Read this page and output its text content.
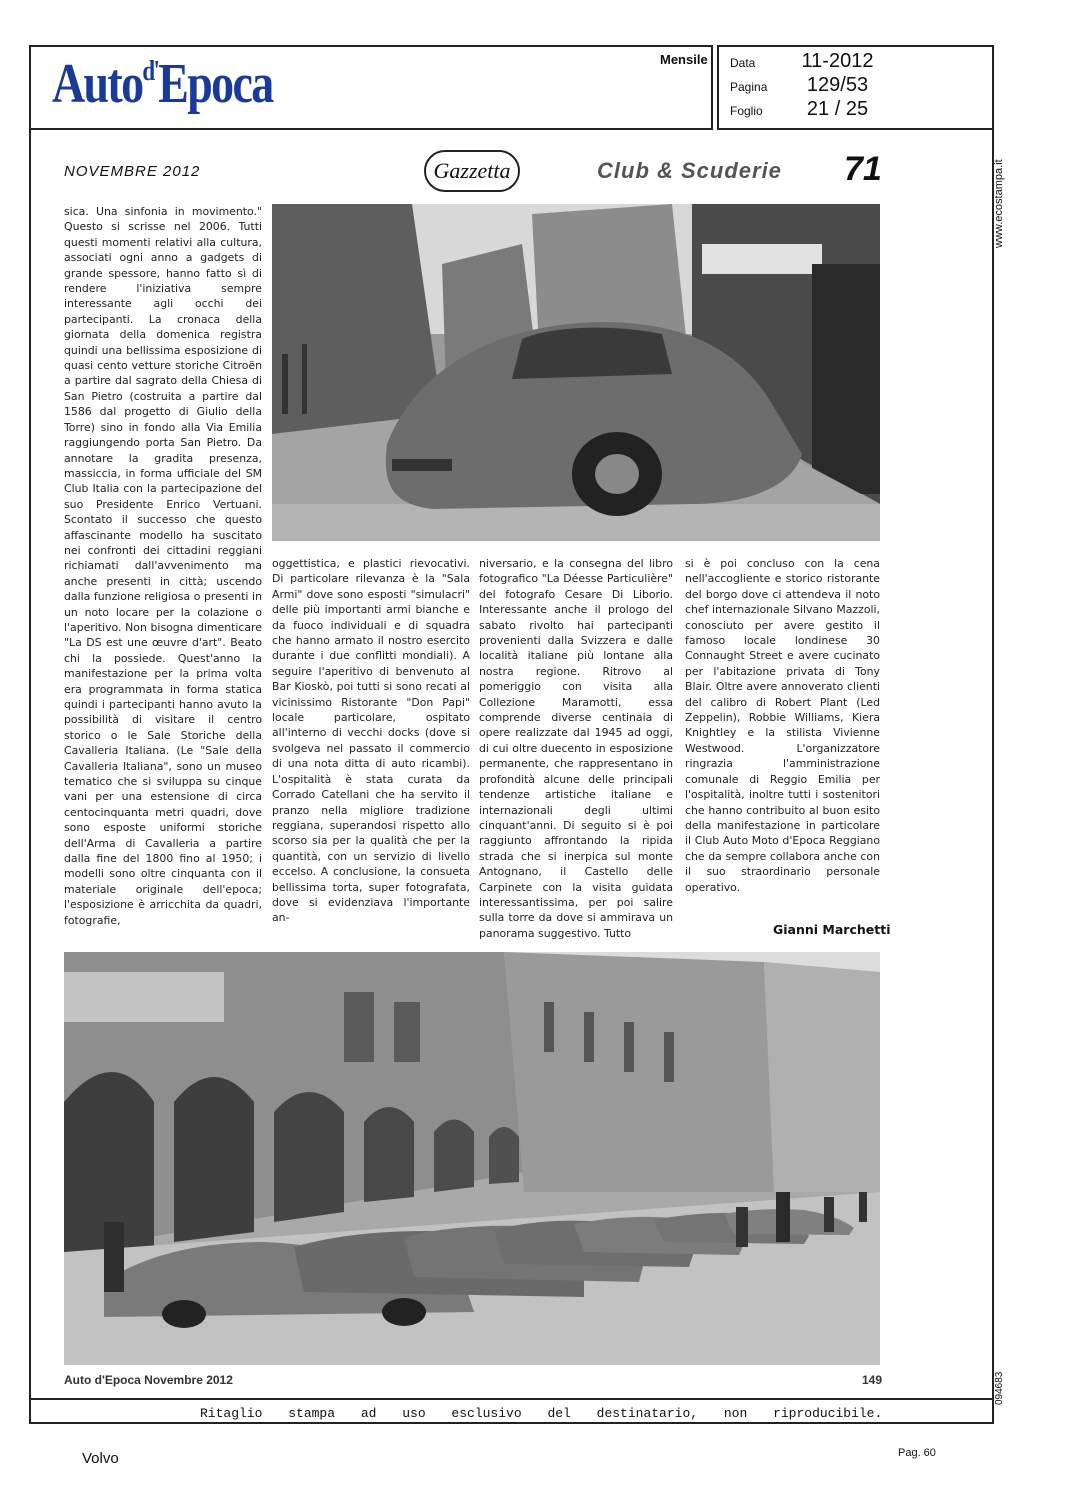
Auto$^{d'}$Epoca	Mensile Data	11-2012
Pagina	129/53
Foglio	21 / 25
www.ecostampa.it
094683
NOVEMBRE 2012	Gazzetta	Club & Scuderie 71
sica. Una sinfonia in movimento." Questo si scrisse nel 2006. Tutti questi momenti relativi alla cultura, associati ogni anno a gadgets di grande spessore, hanno fatto sì di rendere l'iniziativa sempre interessante agli occhi dei partecipanti. La cronaca della giornata della domenica registra quindi una bellissima esposizione di quasi cento vetture storiche Citroën a partire dal sagrato della Chiesa di San Pietro (costruita a partire dal 1586 dal progetto di Giulio della Torre) sino in fondo alla Via Emilia raggiungendo porta San Pietro. Da annotare la gradita presenza, massiccia, in forma ufficiale del SM Club Italia con la partecipazione del suo Presidente Enrico Vertuani. Scontato il successo che questo affascinante modello ha suscitato nei confronti dei cittadini reggiani richiamati dall'avvenimento ma anche presenti in città; uscendo dalla funzione religiosa o presenti in un noto locare per la colazione o l'aperitivo. Non bisogna dimenticare "La DS est une œuvre d'art". Beato chi la possiede. Quest'anno la manifestazione per la prima volta era programmata in forma statica quindi i partecipanti hanno avuto la possibilità di visitare il centro storico o le Sale Storiche della Cavalleria Italiana. (Le "Sale della Cavalleria Italiana", sono un museo tematico che si sviluppa su cinque vani per una estensione di circa centocinquanta metri quadri, dove sono esposte uniformi storiche dell'Arma di Cavalleria a partire dalla fine del 1800 fino al 1950; i modelli sono oltre cinquanta con il materiale originale dell'epoca; l'esposizione è arricchita da quadri, fotografie,
oggettistica, e plastici rievocativi. Di particolare rilevanza è la "Sala Armi" dove sono esposti "simulacri" delle più importanti armi bianche e da fuoco individuali e di squadra che hanno armato il nostro esercito durante i due conflitti mondiali). A seguire l'aperitivo di benvenuto al Bar Kioskò, poi tutti si sono recati al vicinissimo Ristorante "Don Papi" locale particolare, ospitato all'interno di vecchi docks (dove si svolgeva nel passato il commercio di una nota ditta di auto ricambi). L'ospitalità è stata curata da Corrado Catellani che ha servito il pranzo nella migliore tradizione reggiana, superandosi rispetto allo scorso sia per la qualità che per la quantità, con un servizio di livello eccelso. A conclusione, la consueta bellissima torta, super fotografata, dove si evidenziava l'importante an-
niversario, e la consegna del libro fotografico "La Déesse Particulière" del fotografo Cesare Di Liborio. Interessante anche il prologo del sabato rivolto hai partecipanti provenienti dalla Svizzera e dalle località italiane più lontane alla nostra regione. Ritrovo al pomeriggio con visita alla Collezione Maramotti, essa comprende diverse centinaia di opere realizzate dal 1945 ad oggi, di cui oltre duecento in esposizione permanente, che rappresentano in profondità alcune delle principali tendenze artistiche italiane e internazionali degli ultimi cinquant'anni. Di seguito si è poi raggiunto affrontando la ripida strada che si inerpica sul monte Antognano, il Castello delle Carpinete con la visita guidata interessantissima, per poi salire sulla torre da dove si ammirava un panorama suggestivo. Tutto
si è poi concluso con la cena nell'accogliente e storico ristorante del borgo dove ci attendeva il noto chef internazionale Silvano Mazzoli, conosciuto per avere gestito il famoso locale londinese 30 Connaught Street e avere cucinato per l'abitazione privata di Tony Blair. Oltre avere annoverato clienti del calibro di Robert Plant (Led Zeppelin), Robbie Williams, Kiera Knightley e la stilista Vivienne Westwood. L'organizzatore ringrazia l'amministrazione comunale di Reggio Emilia per l'ospitalità, inoltre tutti i sostenitori che hanno contribuito al buon esito della manifestazione in particolare il Club Auto Moto d'Epoca Reggiano che da sempre collabora anche con il suo straordinario personale operativo.
Gianni Marchetti
Auto d'Epoca Novembre 2012	149
Ritaglio stampa ad uso esclusivo del destinatario, non riproducibile.
Volvo	Pag. 60
